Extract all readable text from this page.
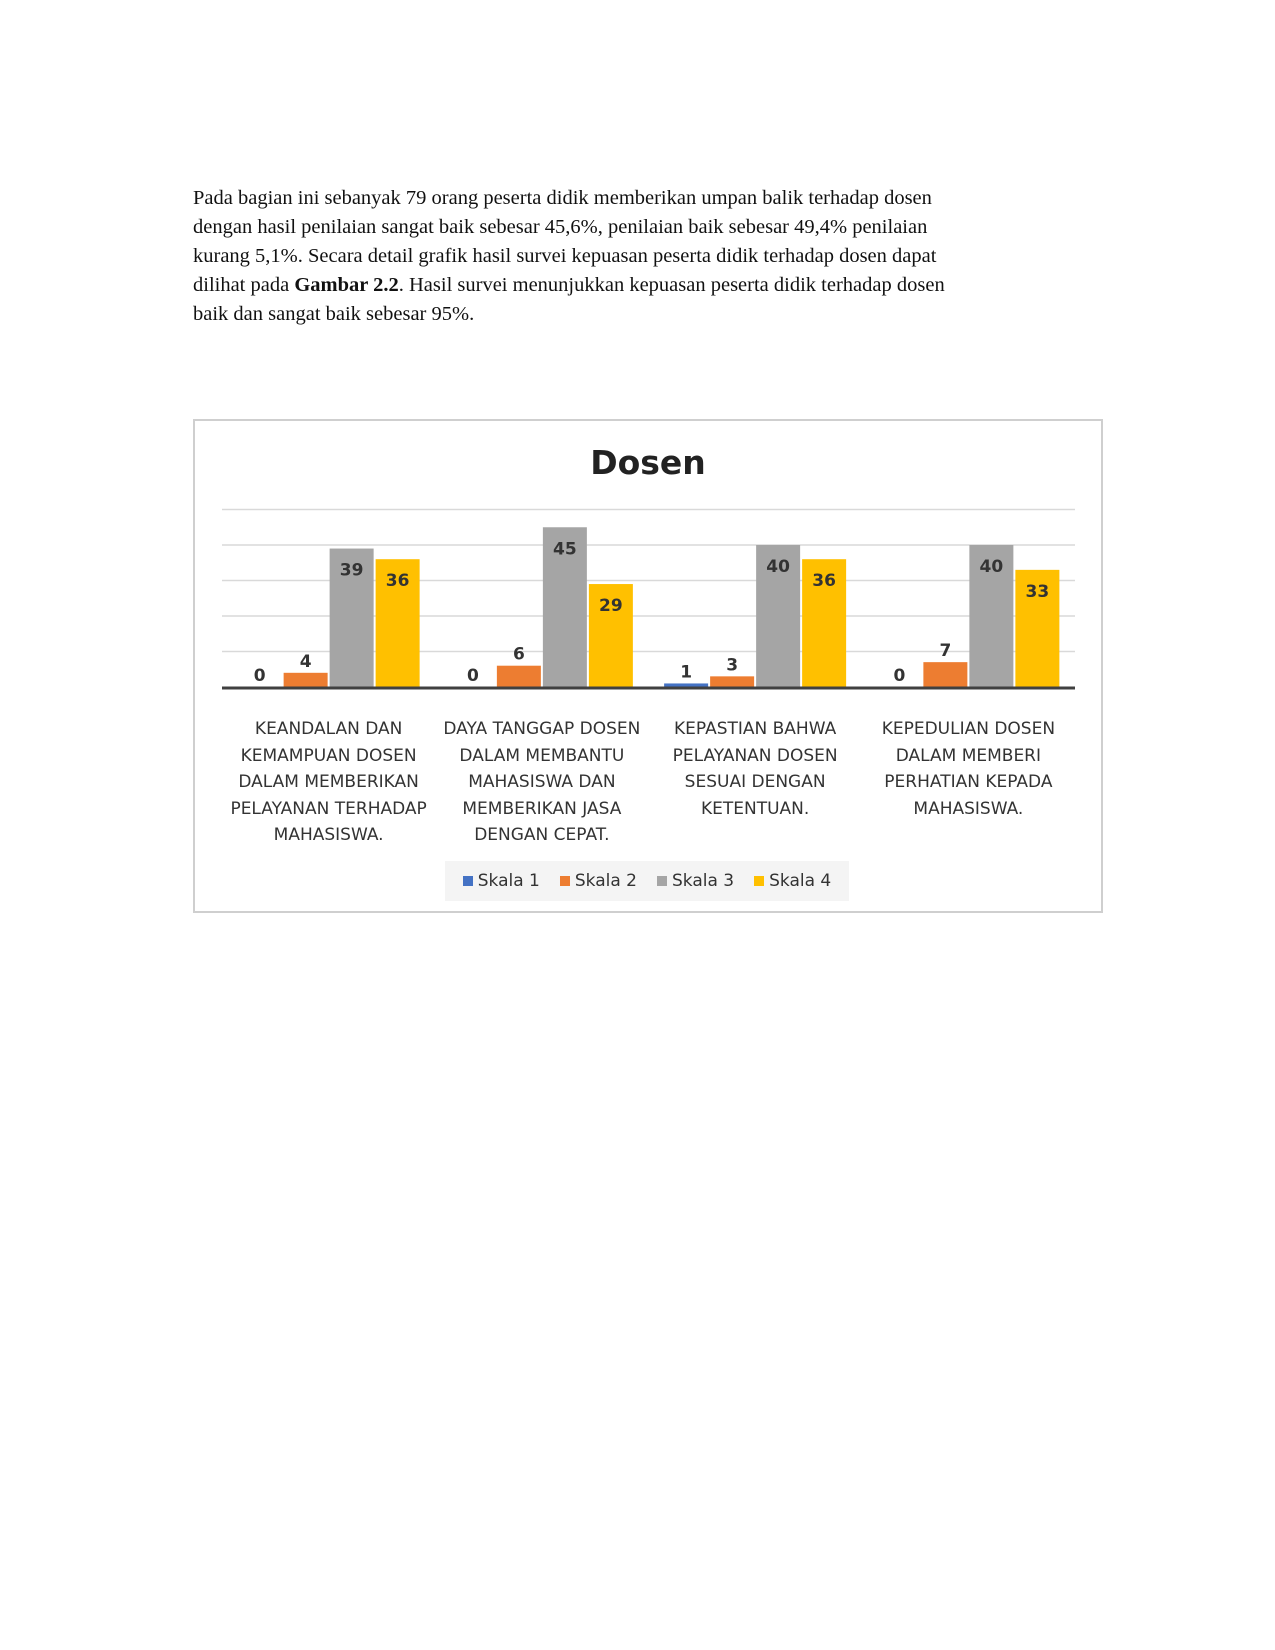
Pada bagian ini sebanyak 79 orang peserta didik memberikan umpan balik terhadap dosen

dengan hasil penilaian sangat baik sebesar 45,6%, penilaian baik sebesar 49,4% penilaian

kurang 5,1%. Secara detail grafik hasil survei kepuasan peserta didik terhadap dosen dapat

dilihat pada Gambar 2.2. Hasil survei menunjukkan kepuasan peserta didik terhadap dosen

baik dan sangat baik sebesar 95%.

Dosen
0
4
39
36
0
6
45
29
1 3
40
36
0
7
40
33
KEANDALAN DAN
KEMAMPUAN DOSEN
DALAM MEMBERIKAN
PELAYANAN TERHADAP
MAHASISWA.
DAYA TANGGAP DOSEN
DALAM MEMBANTU
MAHASISWA DAN
MEMBERIKAN JASA
DENGAN CEPAT.
KEPASTIAN BAHWA
PELAYANAN DOSEN
SESUAI DENGAN
KETENTUAN.
KEPEDULIAN DOSEN
DALAM MEMBERI
PERHATIAN KEPADA
MAHASISWA.
Skala 1 Skala 2 Skala 3 Skala 4
